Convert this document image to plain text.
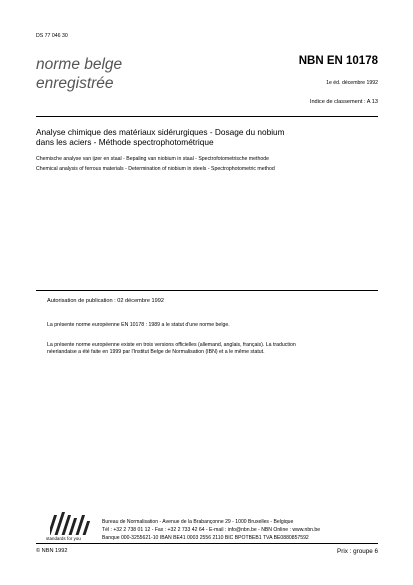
DS 77 046 30

norme belge

enregistrée

NBN EN 10178

1e éd. décembre 1992

Indice de classement : A 13

Analyse chimique des matériaux sidérurgiques - Dosage du nobium

dans les aciers - Méthode spectrophotométrique

Chemische analyse van ijzer en staal - Bepaling van niobium in staal - Spectrofotometrische methode

Chemical analysis of ferrous materials - Determination of niobium in steels - Spectrophotometric method

Autorisation de publication : 02 décembre 1992

La présente norme européenne EN 10178 : 1989 a le statut d'une norme belge.

La présente norme européenne existe en trois versions officielles (allemand, anglais, français). La traduction

néerlandaise a été faite en 1999 par l'Institut Belge de Normalisation (IBN) et a le même statut.

standards for you

Bureau de Normalisation - Avenue de la Brabançonne 29 - 1000 Bruxelles - Belgique

Tél : +32 2 738 01 12 - Fax : +32 2 733 42 64 - E-mail : info@nbn.be - NBN Online : www.nbn.be

Banque 000-3255621-10 IBAN BE41 0003 2556 2110 BIC BPOTBEB1 TVA BE0880857592

© NBN 1992	Prix : groupe 6
